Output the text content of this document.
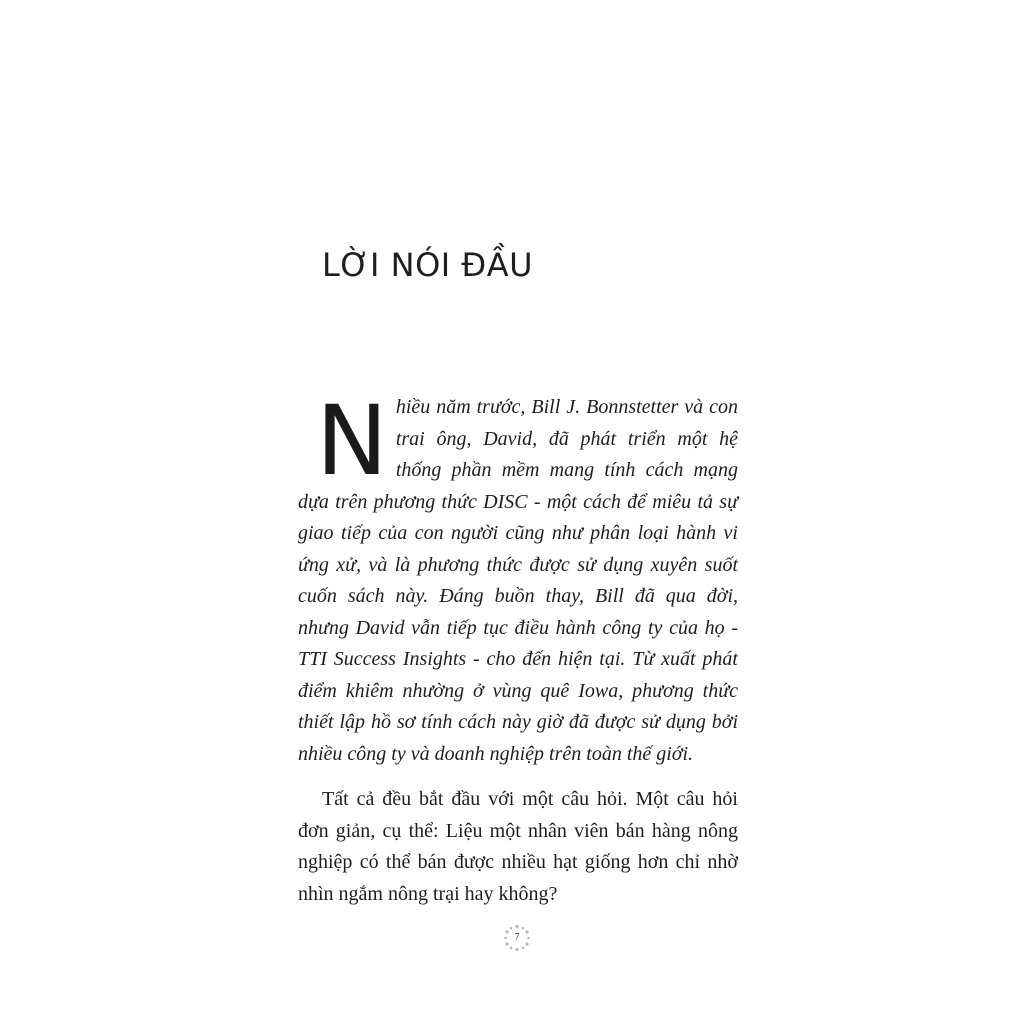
LỜI NÓI ĐẦU

Nhiều năm trước, Bill J. Bonnstetter và con trai ông, David, đã phát triển một hệ thống phần mềm mang tính cách mạng dựa trên phương thức DISC - một cách để miêu tả sự giao tiếp của con người cũng như phân loại hành vi ứng xử, và là phương thức được sử dụng xuyên suốt cuốn sách này. Đáng buồn thay, Bill đã qua đời, nhưng David vẫn tiếp tục điều hành công ty của họ - TTI Success Insights - cho đến hiện tại. Từ xuất phát điểm khiêm nhường ở vùng quê Iowa, phương thức thiết lập hồ sơ tính cách này giờ đã được sử dụng bởi nhiều công ty và doanh nghiệp trên toàn thế giới.

Tất cả đều bắt đầu với một câu hỏi. Một câu hỏi đơn giản, cụ thể: Liệu một nhân viên bán hàng nông nghiệp có thể bán được nhiều hạt giống hơn chỉ nhờ nhìn ngắm nông trại hay không?

7
